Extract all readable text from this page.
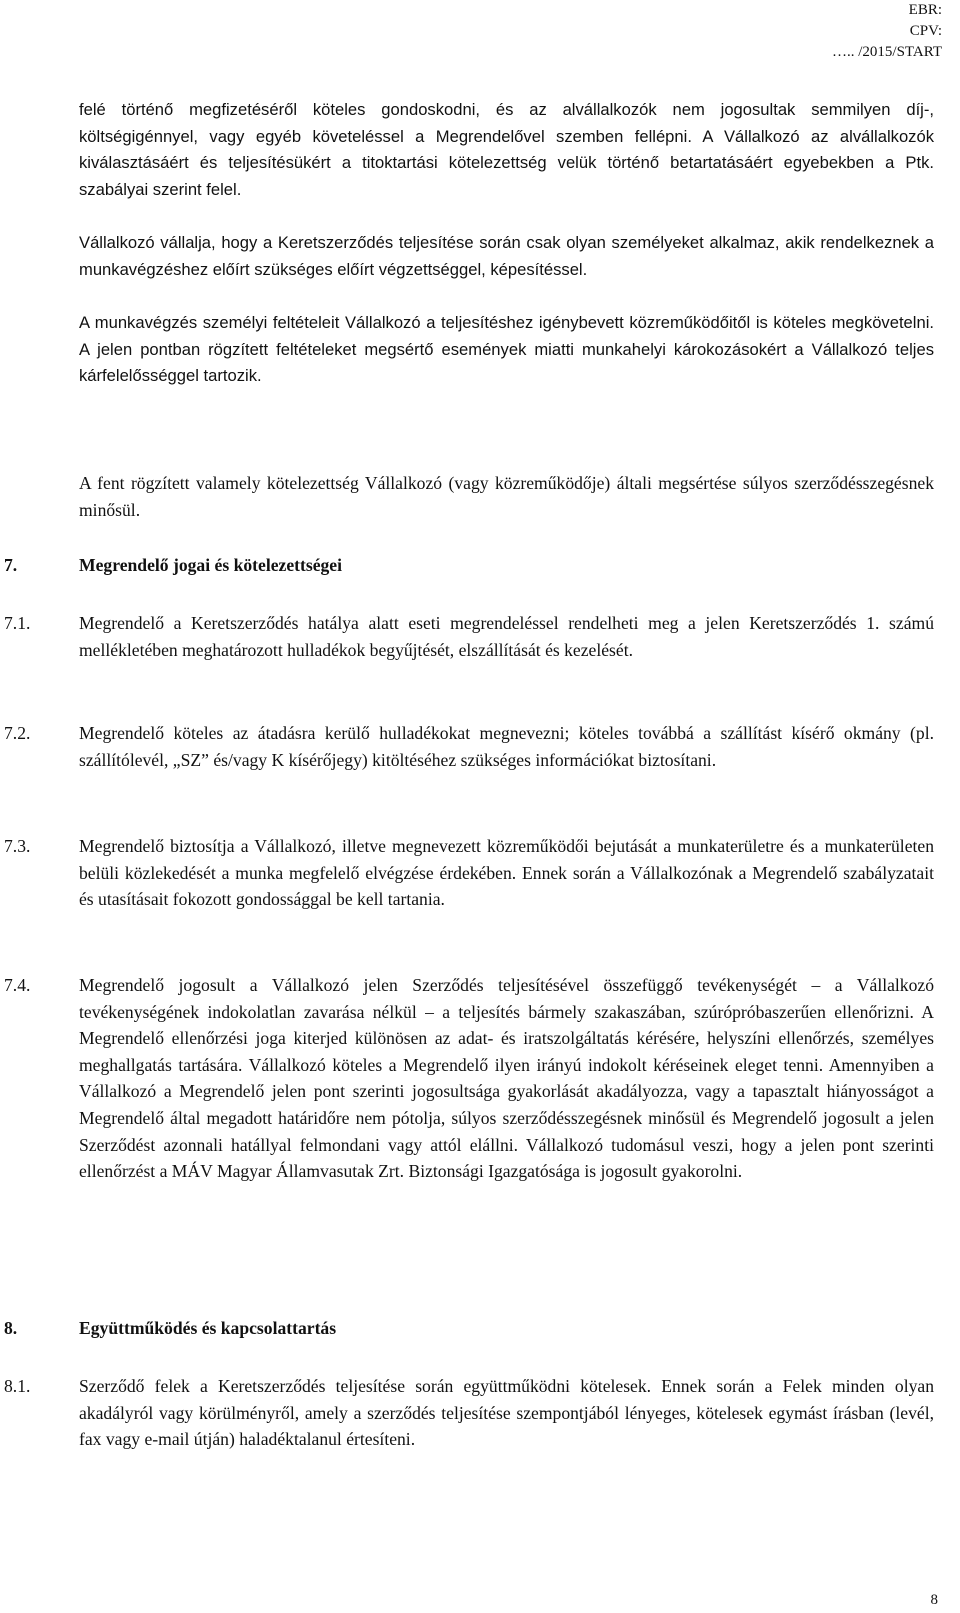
EBR:
CPV:
….. /2015/START
felé történő megfizetéséről köteles gondoskodni, és az alvállalkozók nem jogosultak semmilyen díj-, költségigénnyel, vagy egyéb követeléssel a Megrendelővel szemben fellépni. A Vállalkozó az alvállalkozók kiválasztásáért és teljesítésükért a titoktartási kötelezettség velük történő betartatásáért egyebekben a Ptk. szabályai szerint felel.
Vállalkozó vállalja, hogy a Keretszerződés teljesítése során csak olyan személyeket alkalmaz, akik rendelkeznek a munkavégzéshez előírt szükséges előírt végzettséggel, képesítéssel.
A munkavégzés személyi feltételeit Vállalkozó a teljesítéshez igénybevett közreműködőitől is köteles megkövetelni. A jelen pontban rögzített feltételeket megsértő események miatti munkahelyi károkozásokért a Vállalkozó teljes kárfelelősséggel tartozik.
A fent rögzített valamely kötelezettség Vállalkozó (vagy közreműködője) általi megsértése súlyos szerződésszegésnek minősül.
7.	Megrendelő jogai és kötelezettségei
7.1.	Megrendelő a Keretszerződés hatálya alatt eseti megrendeléssel rendelheti meg a jelen Keretszerződés 1. számú mellékletében meghatározott hulladékok begyűjtését, elszállítását és kezelését.
7.2.	Megrendelő köteles az átadásra kerülő hulladékokat megnevezni; köteles továbbá a szállítást kísérő okmány (pl. szállítólevél, „SZ” és/vagy K kísérőjegy) kitöltéséhez szükséges információkat biztosítani.
7.3.	Megrendelő biztosítja a Vállalkozó, illetve megnevezett közreműködői bejutását a munkaterületre és a munkaterületen belüli közlekedését a munka megfelelő elvégzése érdekében. Ennek során a Vállalkozónak a Megrendelő szabályzatait és utasításait fokozott gondossággal be kell tartania.
7.4.	Megrendelő jogosult a Vállalkozó jelen Szerződés teljesítésével összefüggő tevékenységét – a Vállalkozó tevékenységének indokolatlan zavarása nélkül – a teljesítés bármely szakaszában, szúrópróbaszerűen ellenőrizni. A Megrendelő ellenőrzési joga kiterjed különösen az adat- és iratszolgáltatás kérésére, helyszíni ellenőrzés, személyes meghallgatás tartására. Vállalkozó köteles a Megrendelő ilyen irányú indokolt kéréseinek eleget tenni. Amennyiben a Vállalkozó a Megrendelő jelen pont szerinti jogosultsága gyakorlását akadályozza, vagy a tapasztalt hiányosságot a Megrendelő által megadott határidőre nem pótolja, súlyos szerződésszegésnek minősül és Megrendelő jogosult a jelen Szerződést azonnali hatállyal felmondani vagy attól elállni. Vállalkozó tudomásul veszi, hogy a jelen pont szerinti ellenőrzést a MÁV Magyar Államvasutak Zrt. Biztonsági Igazgatósága is jogosult gyakorolni.
8.	Együttműködés és kapcsolattartás
8.1.	Szerződő felek a Keretszerződés teljesítése során együttműködni kötelesek. Ennek során a Felek minden olyan akadályról vagy körülményről, amely a szerződés teljesítése szempontjából lényeges, kötelesek egymást írásban (levél, fax vagy e-mail útján) haladéktalanul értesíteni.
8
